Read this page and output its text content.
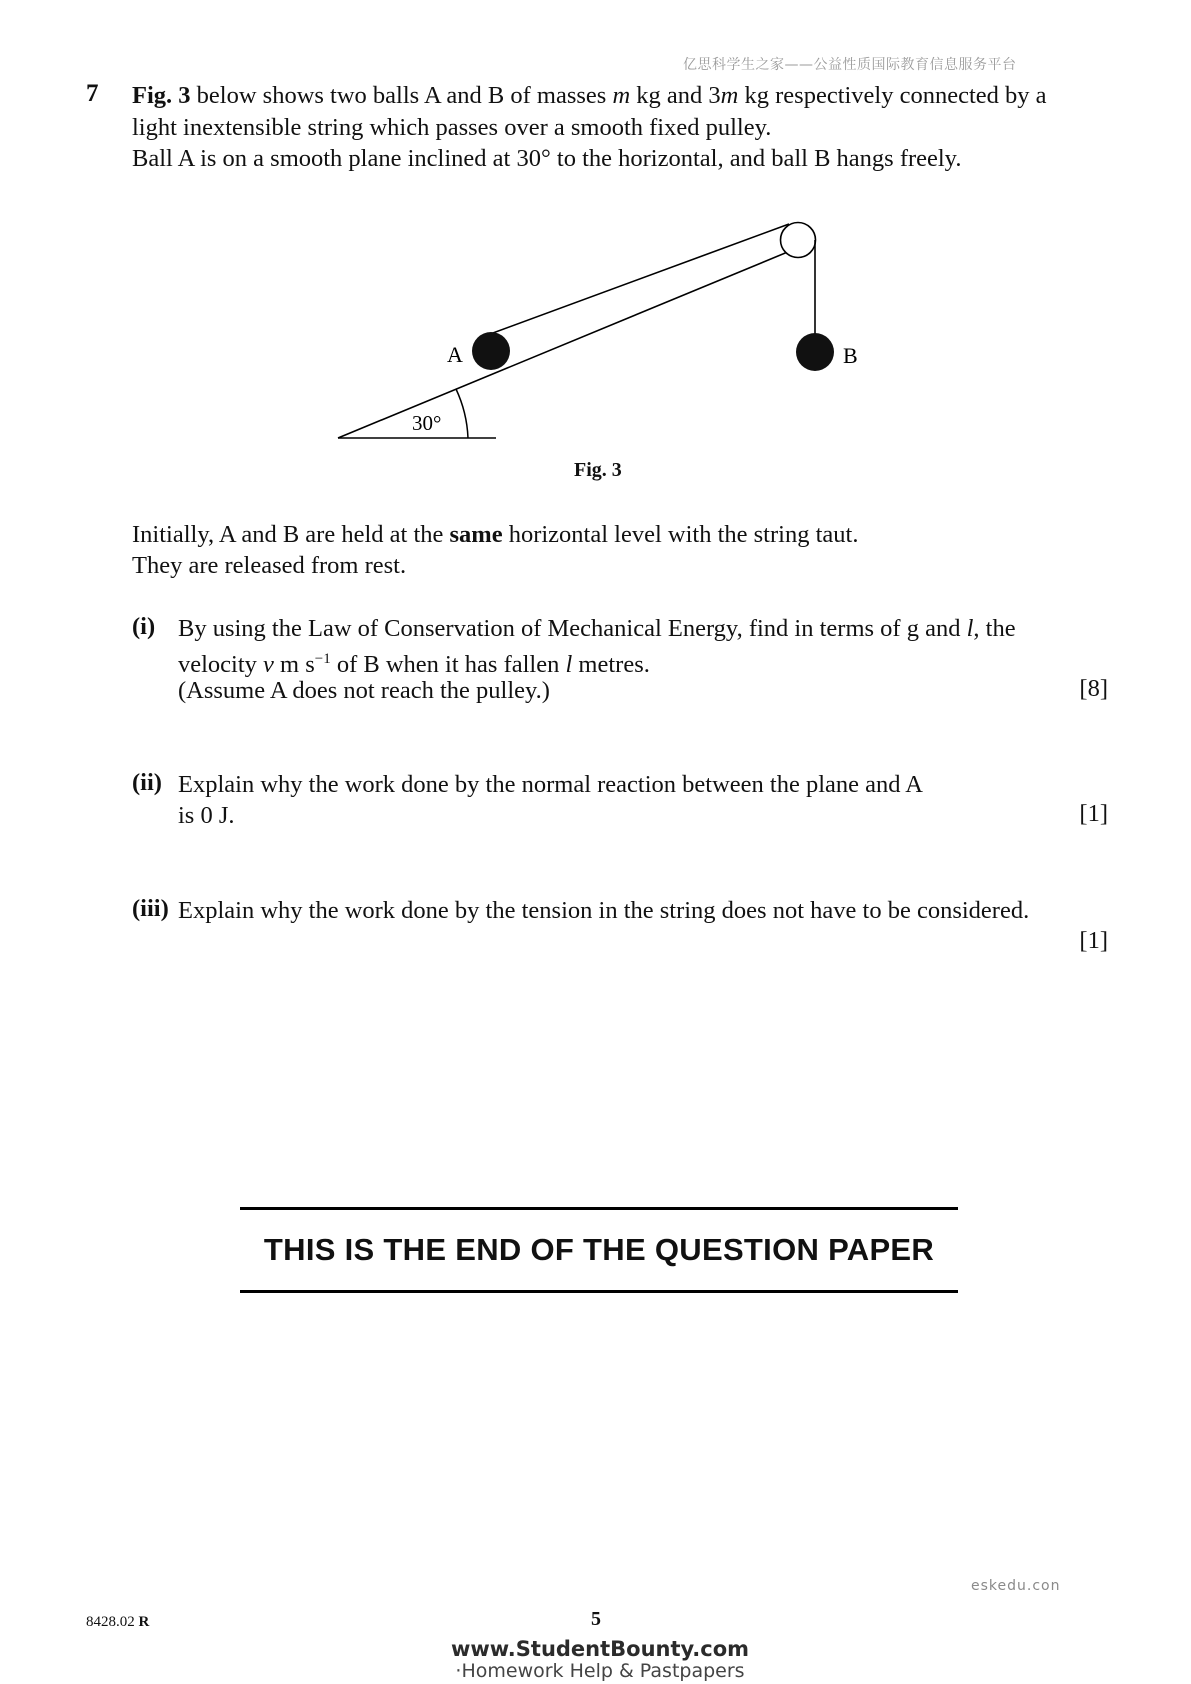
亿思科学生之家——公益性质国际教育信息服务平台
7 Fig. 3 below shows two balls A and B of masses m kg and 3m kg respectively connected by a
light inextensible string which passes over a smooth fixed pulley.
Ball A is on a smooth plane inclined at 30° to the horizontal, and ball B hangs freely.
A	B
30°
Fig. 3
Initially, A and B are held at the same horizontal level with the string taut.
They are released from rest.
(i) By using the Law of Conservation of Mechanical Energy, find in terms of g and l, the
velocity v m $s^{-1}$ of B when it has fallen l metres.
(Assume A does not reach the pulley.)	[8]
(ii) Explain why the work done by the normal reaction between the plane and A
is 0 J.	[1]
(iii) Explain why the work done by the tension in the string does not have to be considered.
[1]
THIS IS THE END OF THE QUESTION PAPER
eskedu.con
8428.02 R	5
www.StudentBounty.com
·Homework Help & Pastpapers
